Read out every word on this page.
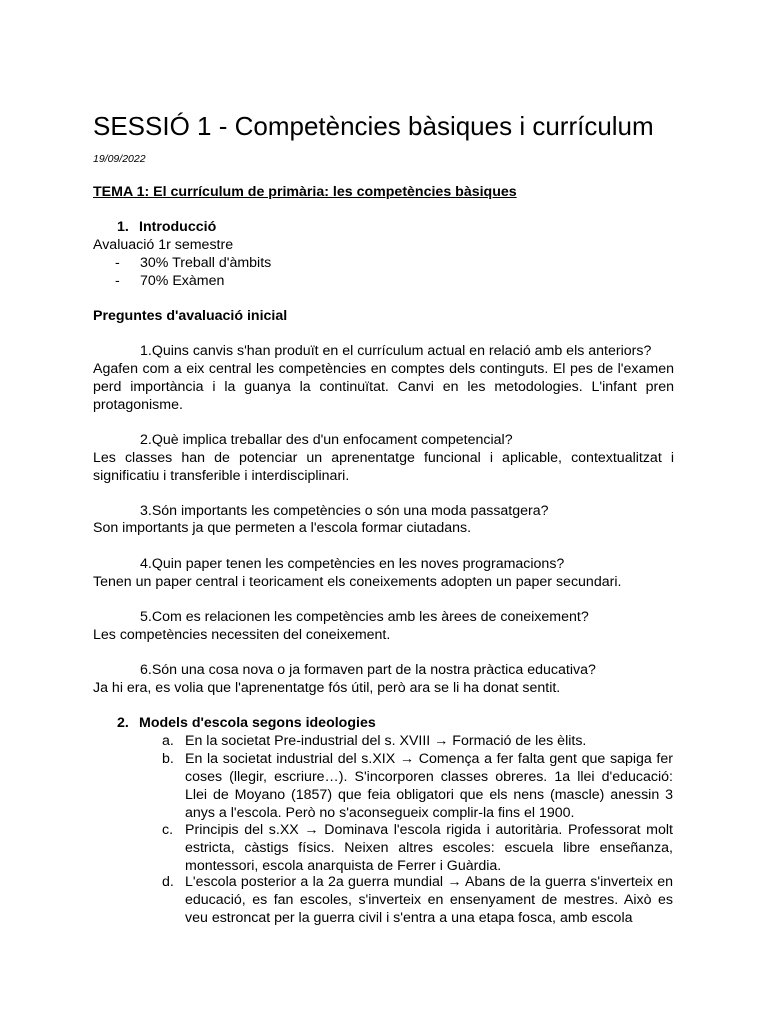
SESSIÓ 1 - Competències bàsiques i currículum
19/09/2022
TEMA 1: El currículum de primària: les competències bàsiques
1. Introducció

Avaluació 1r semestre

- 30% Treball d'àmbits
- 70% Exàmen

Preguntes d'avaluació inicial

1.Quins canvis s'han produït en el currículum actual en relació amb els anteriors?

Agafen com a eix central les competències en comptes dels continguts. El pes de l'examen perd importància i la guanya la continuïtat. Canvi en les metodologies. L'infant pren protagonisme.

2.Què implica treballar des d'un enfocament competencial?

Les classes han de potenciar un aprenentatge funcional i aplicable, contextualitzat i significatiu i transferible i interdisciplinari.

3.Són importants les competències o són una moda passatgera?

Son importants ja que permeten a l'escola formar ciutadans.

4.Quin paper tenen les competències en les noves programacions?

Tenen un paper central i teoricament els coneixements adopten un paper secundari.

5.Com es relacionen les competències amb les àrees de coneixement?

Les competències necessiten del coneixement.

6.Són una cosa nova o ja formaven part de la nostra pràctica educativa?

Ja hi era, es volia que l'aprenentatge fós útil, però ara se li ha donat sentit.

2. Models d'escola segons ideologies
a. En la societat Pre-industrial del s. XVIII → Formació de les èlits.
b. En la societat industrial del s.XIX → Comença a fer falta gent que sapiga fer coses (llegir, escriure…). S'incorporen classes obreres. 1a llei d'educació: Llei de Moyano (1857) que feia obligatori que els nens (mascle) anessin 3 anys a l'escola. Però no s'aconsegueix complir-la fins el 1900.
c. Principis del s.XX → Dominava l'escola rigida i autoritària. Professorat molt estricta, càstigs físics. Neixen altres escoles: escuela libre enseñanza, montessori, escola anarquista de Ferrer i Guàrdia.
d. L'escola posterior a la 2a guerra mundial → Abans de la guerra s'inverteix en educació, es fan escoles, s'inverteix en ensenyament de mestres. Això es veu estroncat per la guerra civil i s'entra a una etapa fosca, amb escola
